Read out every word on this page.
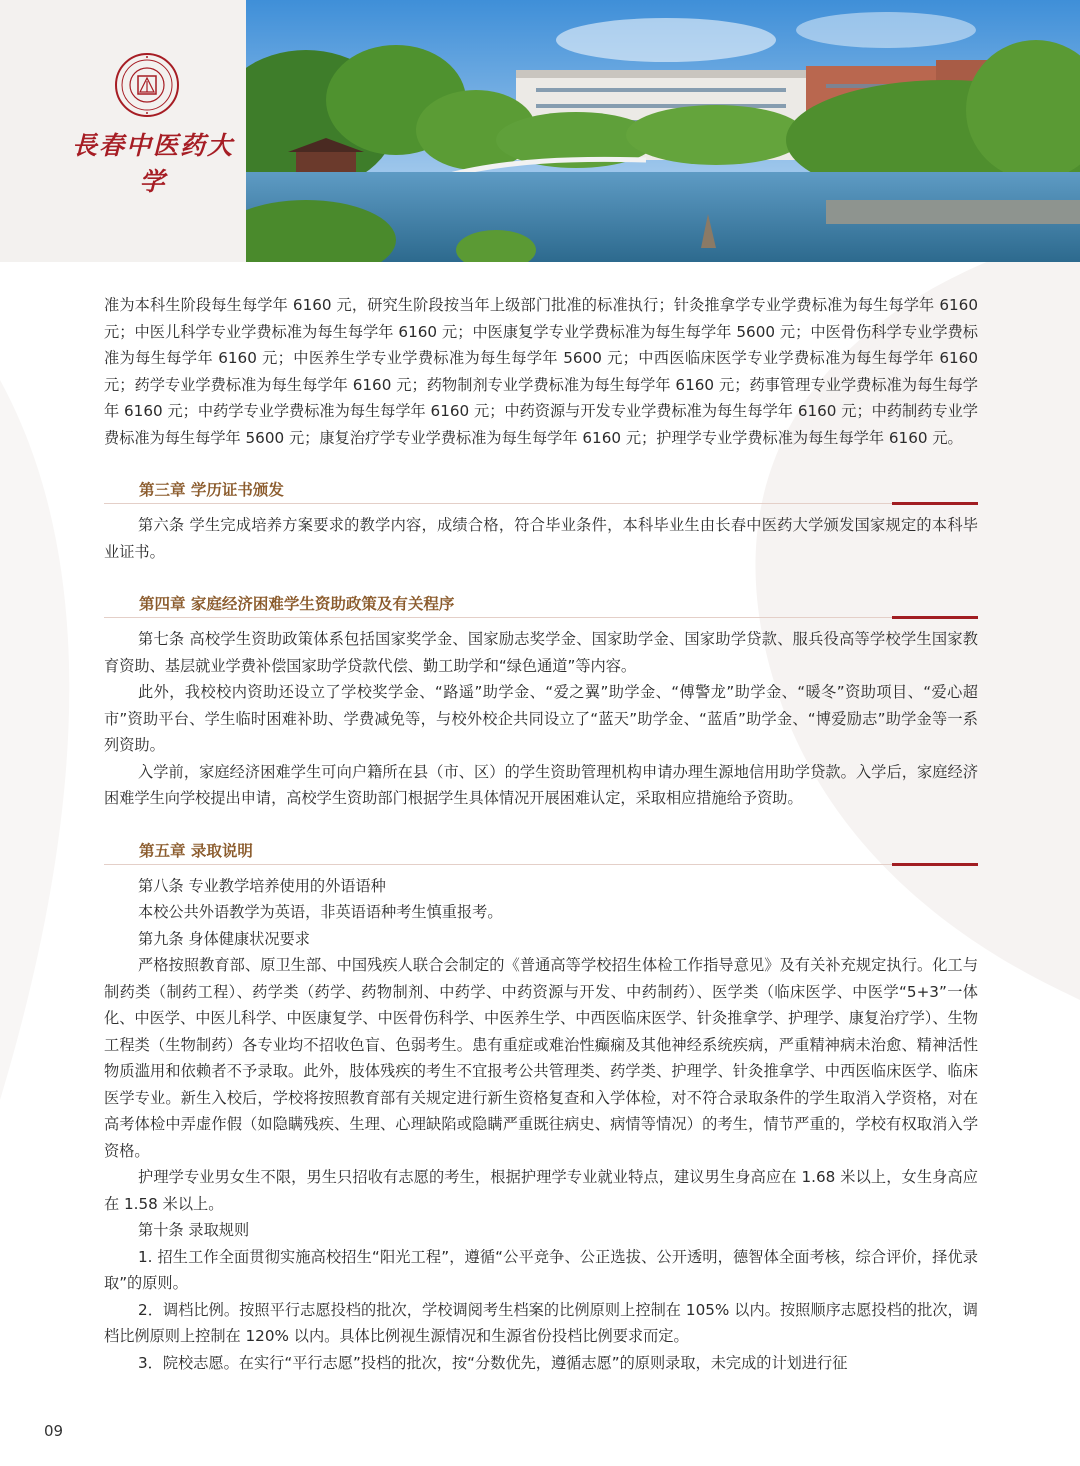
長春中医药大学

准为本科生阶段每生每学年 6160 元，研究生阶段按当年上级部门批准的标准执行；针灸推拿学专业学费标准为每生每学年 6160 元；中医儿科学专业学费标准为每生每学年 6160 元；中医康复学专业学费标准为每生每学年 5600 元；中医骨伤科学专业学费标准为每生每学年 6160 元；中医养生学专业学费标准为每生每学年 5600 元；中西医临床医学专业学费标准为每生每学年 6160 元；药学专业学费标准为每生每学年 6160 元；药物制剂专业学费标准为每生每学年 6160 元；药事管理专业学费标准为每生每学年 6160 元；中药学专业学费标准为每生每学年 6160 元；中药资源与开发专业学费标准为每生每学年 6160 元；中药制药专业学费标准为每生每学年 5600 元；康复治疗学专业学费标准为每生每学年 6160 元；护理学专业学费标准为每生每学年 6160 元。

第三章 学历证书颁发

第六条 学生完成培养方案要求的教学内容，成绩合格，符合毕业条件，本科毕业生由长春中医药大学颁发国家规定的本科毕业证书。

第四章 家庭经济困难学生资助政策及有关程序

第七条 高校学生资助政策体系包括国家奖学金、国家励志奖学金、国家助学金、国家助学贷款、服兵役高等学校学生国家教育资助、基层就业学费补偿国家助学贷款代偿、勤工助学和“绿色通道”等内容。

此外，我校校内资助还设立了学校奖学金、“路遥”助学金、“爱之翼”助学金、“傅警龙”助学金、“暖冬”资助项目、“爱心超市”资助平台、学生临时困难补助、学费减免等，与校外校企共同设立了“蓝天”助学金、“蓝盾”助学金、“博爱励志”助学金等一系列资助。

入学前，家庭经济困难学生可向户籍所在县（市、区）的学生资助管理机构申请办理生源地信用助学贷款。入学后，家庭经济困难学生向学校提出申请，高校学生资助部门根据学生具体情况开展困难认定，采取相应措施给予资助。

第五章 录取说明

第八条 专业教学培养使用的外语语种

本校公共外语教学为英语，非英语语种考生慎重报考。

第九条 身体健康状况要求

严格按照教育部、原卫生部、中国残疾人联合会制定的《普通高等学校招生体检工作指导意见》及有关补充规定执行。化工与制药类（制药工程）、药学类（药学、药物制剂、中药学、中药资源与开发、中药制药）、医学类（临床医学、中医学“5+3”一体化、中医学、中医儿科学、中医康复学、中医骨伤科学、中医养生学、中西医临床医学、针灸推拿学、护理学、康复治疗学）、生物工程类（生物制药）各专业均不招收色盲、色弱考生。患有重症或难治性癫痫及其他神经系统疾病，严重精神病未治愈、精神活性物质滥用和依赖者不予录取。此外，肢体残疾的考生不宜报考公共管理类、药学类、护理学、针灸推拿学、中西医临床医学、临床医学专业。新生入校后，学校将按照教育部有关规定进行新生资格复查和入学体检，对不符合录取条件的学生取消入学资格，对在高考体检中弄虚作假（如隐瞒残疾、生理、心理缺陷或隐瞒严重既往病史、病情等情况）的考生，情节严重的，学校有权取消入学资格。

护理学专业男女生不限，男生只招收有志愿的考生，根据护理学专业就业特点，建议男生身高应在 1.68 米以上，女生身高应在 1.58 米以上。

第十条 录取规则

1. 招生工作全面贯彻实施高校招生“阳光工程”，遵循“公平竞争、公正选拔、公开透明，德智体全面考核，综合评价，择优录取”的原则。

2．调档比例。按照平行志愿投档的批次，学校调阅考生档案的比例原则上控制在 105% 以内。按照顺序志愿投档的批次，调档比例原则上控制在 120% 以内。具体比例视生源情况和生源省份投档比例要求而定。

3．院校志愿。在实行“平行志愿”投档的批次，按“分数优先，遵循志愿”的原则录取，未完成的计划进行征

09
